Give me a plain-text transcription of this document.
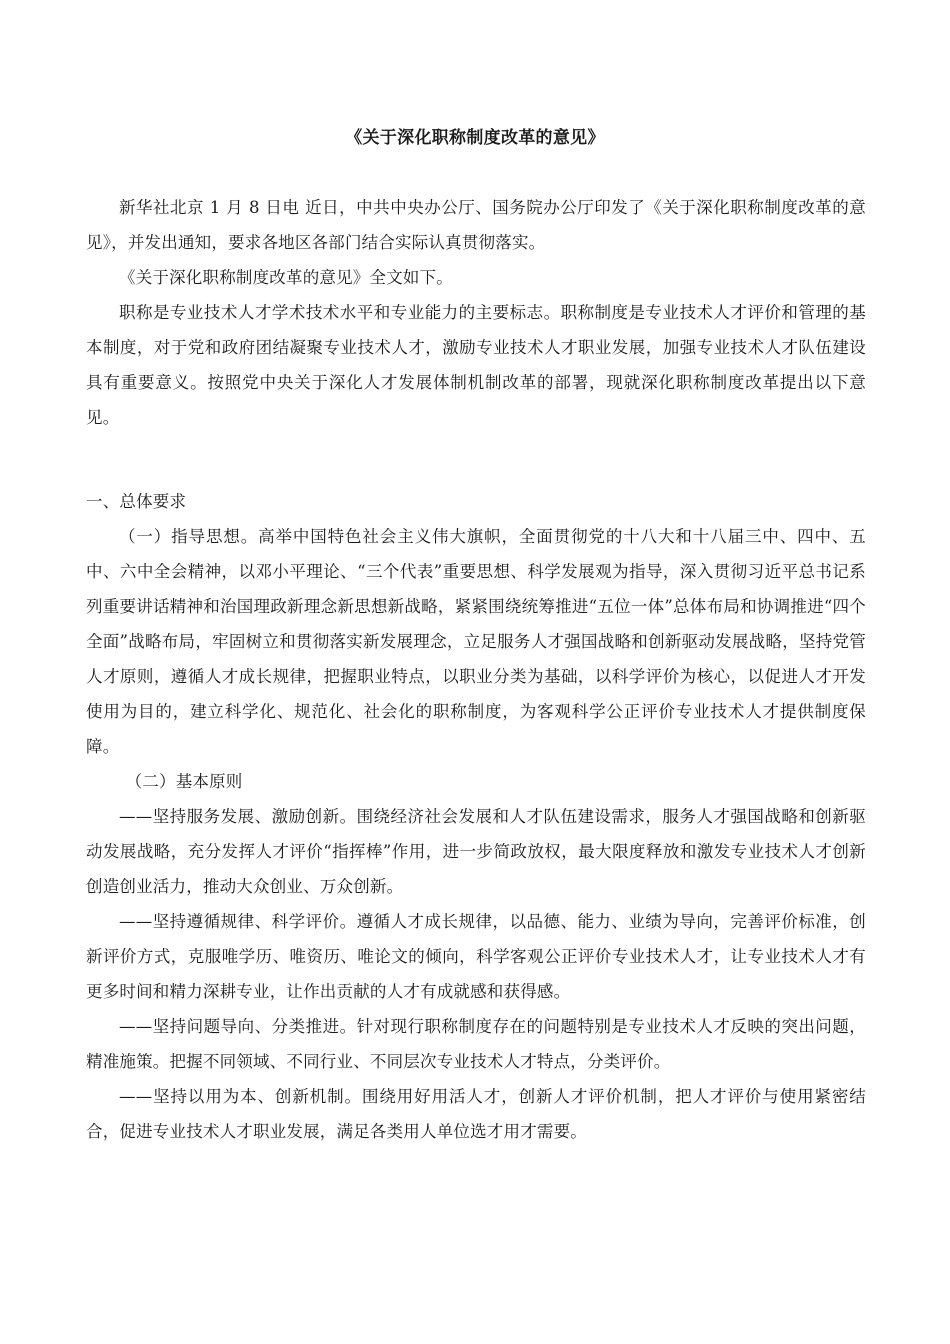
《关于深化职称制度改革的意见》

新华社北京 1 月 8 日电 近日，中共中央办公厅、国务院办公厅印发了《关于深化职称制度改革的意见》，并发出通知，要求各地区各部门结合实际认真贯彻落实。

《关于深化职称制度改革的意见》全文如下。

职称是专业技术人才学术技术水平和专业能力的主要标志。职称制度是专业技术人才评价和管理的基本制度，对于党和政府团结凝聚专业技术人才，激励专业技术人才职业发展，加强专业技术人才队伍建设具有重要意义。按照党中央关于深化人才发展体制机制改革的部署，现就深化职称制度改革提出以下意见。

一、总体要求

（一）指导思想。高举中国特色社会主义伟大旗帜，全面贯彻党的十八大和十八届三中、四中、五中、六中全会精神，以邓小平理论、“三个代表”重要思想、科学发展观为指导，深入贯彻习近平总书记系列重要讲话精神和治国理政新理念新思想新战略，紧紧围绕统筹推进“五位一体”总体布局和协调推进“四个全面”战略布局，牢固树立和贯彻落实新发展理念，立足服务人才强国战略和创新驱动发展战略，坚持党管人才原则，遵循人才成长规律，把握职业特点，以职业分类为基础，以科学评价为核心，以促进人才开发使用为目的，建立科学化、规范化、社会化的职称制度，为客观科学公正评价专业技术人才提供制度保障。

（二）基本原则

——坚持服务发展、激励创新。围绕经济社会发展和人才队伍建设需求，服务人才强国战略和创新驱动发展战略，充分发挥人才评价“指挥棒”作用，进一步简政放权，最大限度释放和激发专业技术人才创新创造创业活力，推动大众创业、万众创新。

——坚持遵循规律、科学评价。遵循人才成长规律，以品德、能力、业绩为导向，完善评价标准，创新评价方式，克服唯学历、唯资历、唯论文的倾向，科学客观公正评价专业技术人才，让专业技术人才有更多时间和精力深耕专业，让作出贡献的人才有成就感和获得感。

——坚持问题导向、分类推进。针对现行职称制度存在的问题特别是专业技术人才反映的突出问题，精准施策。把握不同领域、不同行业、不同层次专业技术人才特点，分类评价。

——坚持以用为本、创新机制。围绕用好用活人才，创新人才评价机制，把人才评价与使用紧密结合，促进专业技术人才职业发展，满足各类用人单位选才用才需要。
